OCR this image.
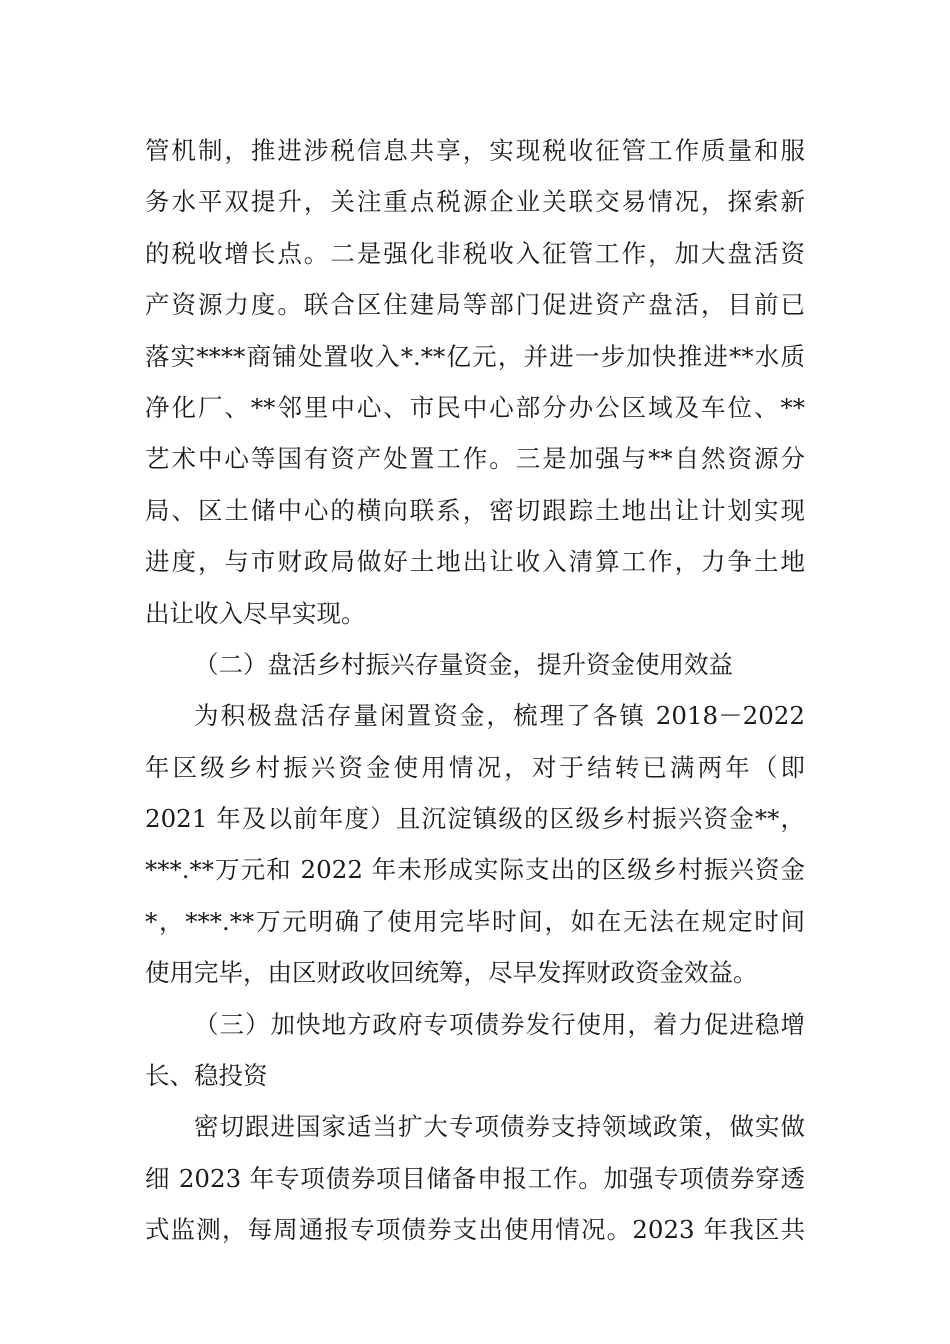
管机制，推进涉税信息共享，实现税收征管工作质量和服
务水平双提升，关注重点税源企业关联交易情况，探索新
的税收增长点。二是强化非税收入征管工作，加大盘活资
产资源力度。联合区住建局等部门促进资产盘活，目前已
落实****商铺处置收入*.**亿元，并进一步加快推进**水质
净化厂、**邻里中心、市民中心部分办公区域及车位、**
艺术中心等国有资产处置工作。三是加强与**自然资源分
局、区土储中心的横向联系，密切跟踪土地出让计划实现
进度，与市财政局做好土地出让收入清算工作，力争土地
出让收入尽早实现。
（二）盘活乡村振兴存量资金，提升资金使用效益
为积极盘活存量闲置资金，梳理了各镇 2018－2022
年区级乡村振兴资金使用情况，对于结转已满两年（即
2021 年及以前年度）且沉淀镇级的区级乡村振兴资金**，
***.**万元和 2022 年未形成实际支出的区级乡村振兴资金
*，***.**万元明确了使用完毕时间，如在无法在规定时间
使用完毕，由区财政收回统筹，尽早发挥财政资金效益。
（三）加快地方政府专项债券发行使用，着力促进稳增
长、稳投资
密切跟进国家适当扩大专项债券支持领域政策，做实做
细 2023 年专项债券项目储备申报工作。加强专项债券穿透
式监测，每周通报专项债券支出使用情况。2023 年我区共
